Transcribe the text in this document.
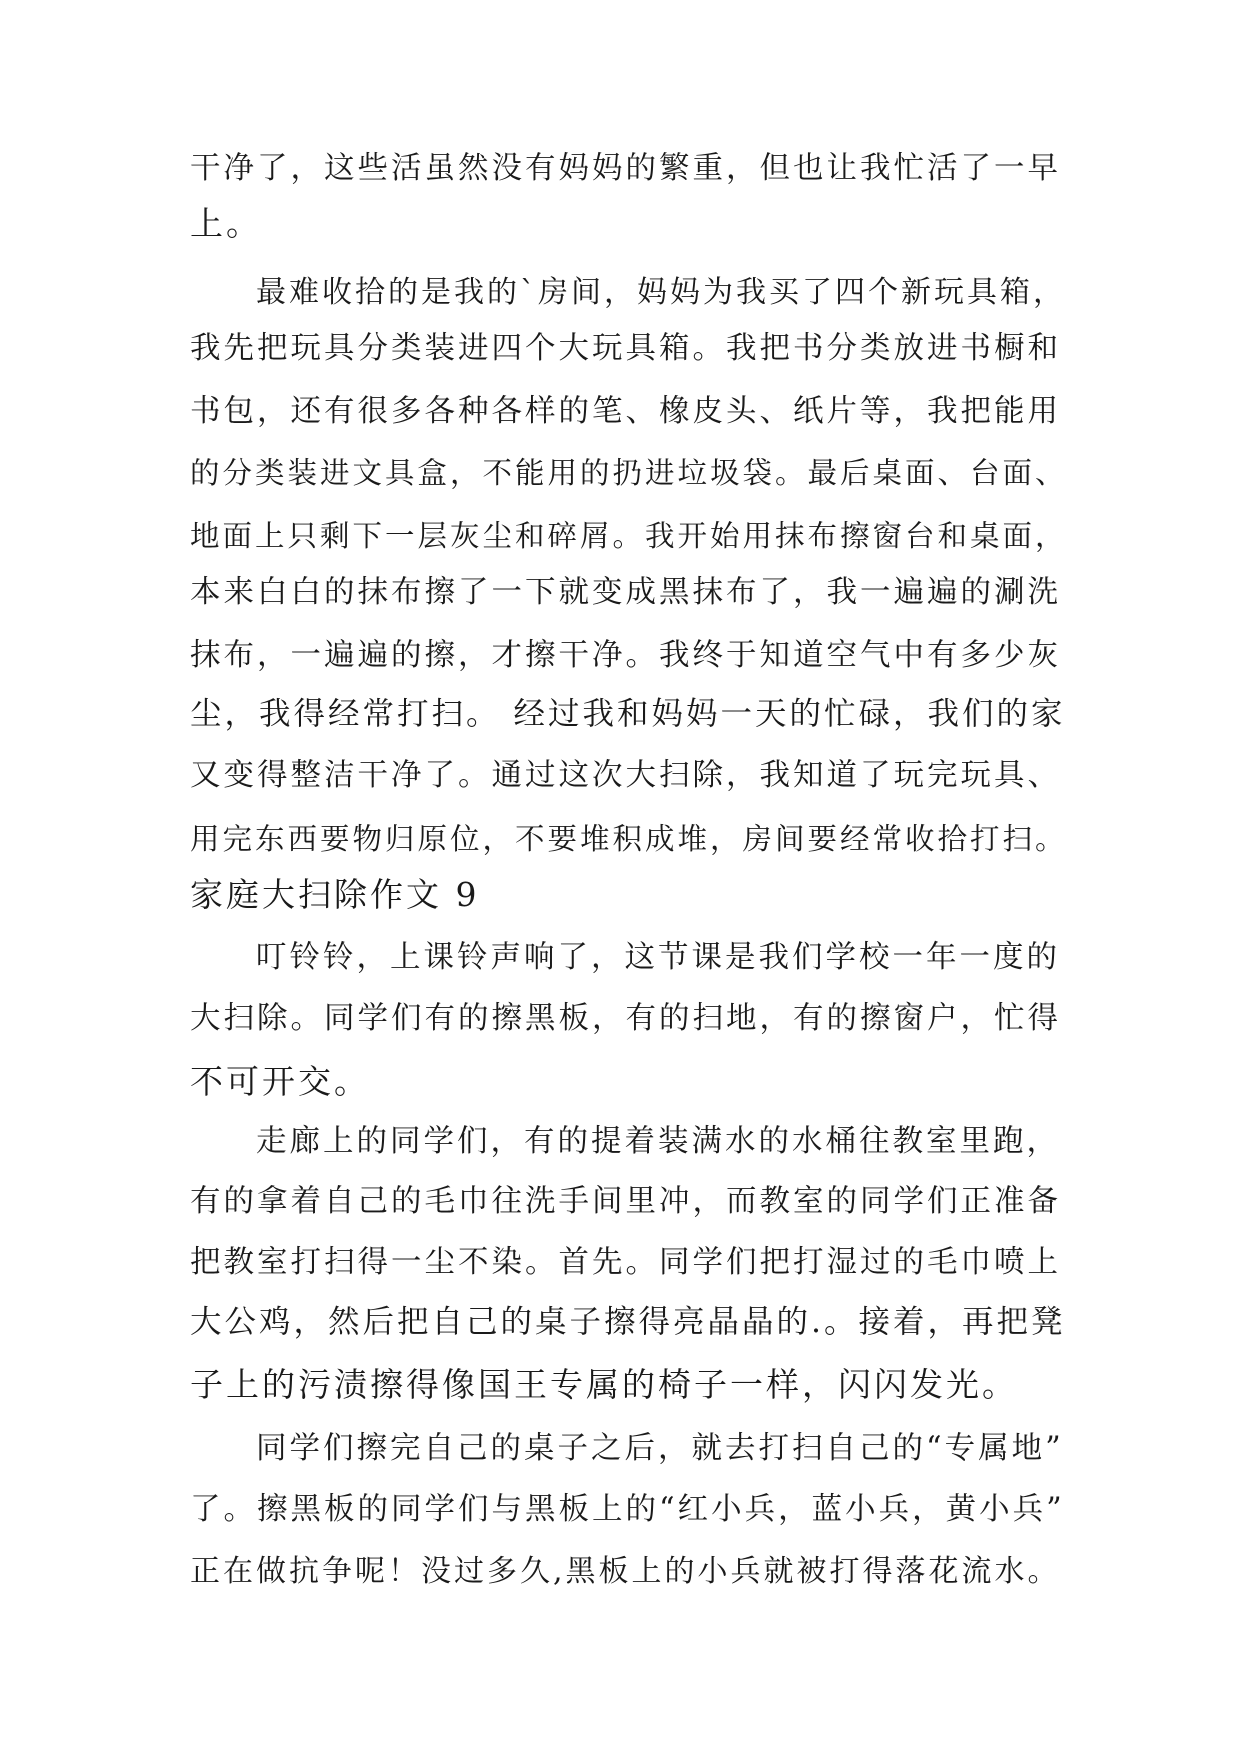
干净了，这些活虽然没有妈妈的繁重，但也让我忙活了一早
上。
最难收拾的是我的`房间，妈妈为我买了四个新玩具箱，
我先把玩具分类装进四个大玩具箱。我把书分类放进书橱和
书包，还有很多各种各样的笔、橡皮头、纸片等，我把能用
的分类装进文具盒，不能用的扔进垃圾袋。最后桌面、台面、
地面上只剩下一层灰尘和碎屑。我开始用抹布擦窗台和桌面，
本来白白的抹布擦了一下就变成黑抹布了，我一遍遍的涮洗
抹布，一遍遍的擦，才擦干净。我终于知道空气中有多少灰
尘，我得经常打扫。 经过我和妈妈一天的忙碌，我们的家
又变得整洁干净了。通过这次大扫除，我知道了玩完玩具、
用完东西要物归原位，不要堆积成堆，房间要经常收拾打扫。
家庭大扫除作文 9
叮铃铃，上课铃声响了，这节课是我们学校一年一度的
大扫除。同学们有的擦黑板，有的扫地，有的擦窗户，忙得
不可开交。
走廊上的同学们，有的提着装满水的水桶往教室里跑，
有的拿着自己的毛巾往洗手间里冲，而教室的同学们正准备
把教室打扫得一尘不染。首先。同学们把打湿过的毛巾喷上
大公鸡，然后把自己的桌子擦得亮晶晶的.。接着，再把凳
子上的污渍擦得像国王专属的椅子一样，闪闪发光。
同学们擦完自己的桌子之后，就去打扫自己的“专属地”
了。擦黑板的同学们与黑板上的“红小兵，蓝小兵，黄小兵”
正在做抗争呢！没过多久,黑板上的小兵就被打得落花流水。
